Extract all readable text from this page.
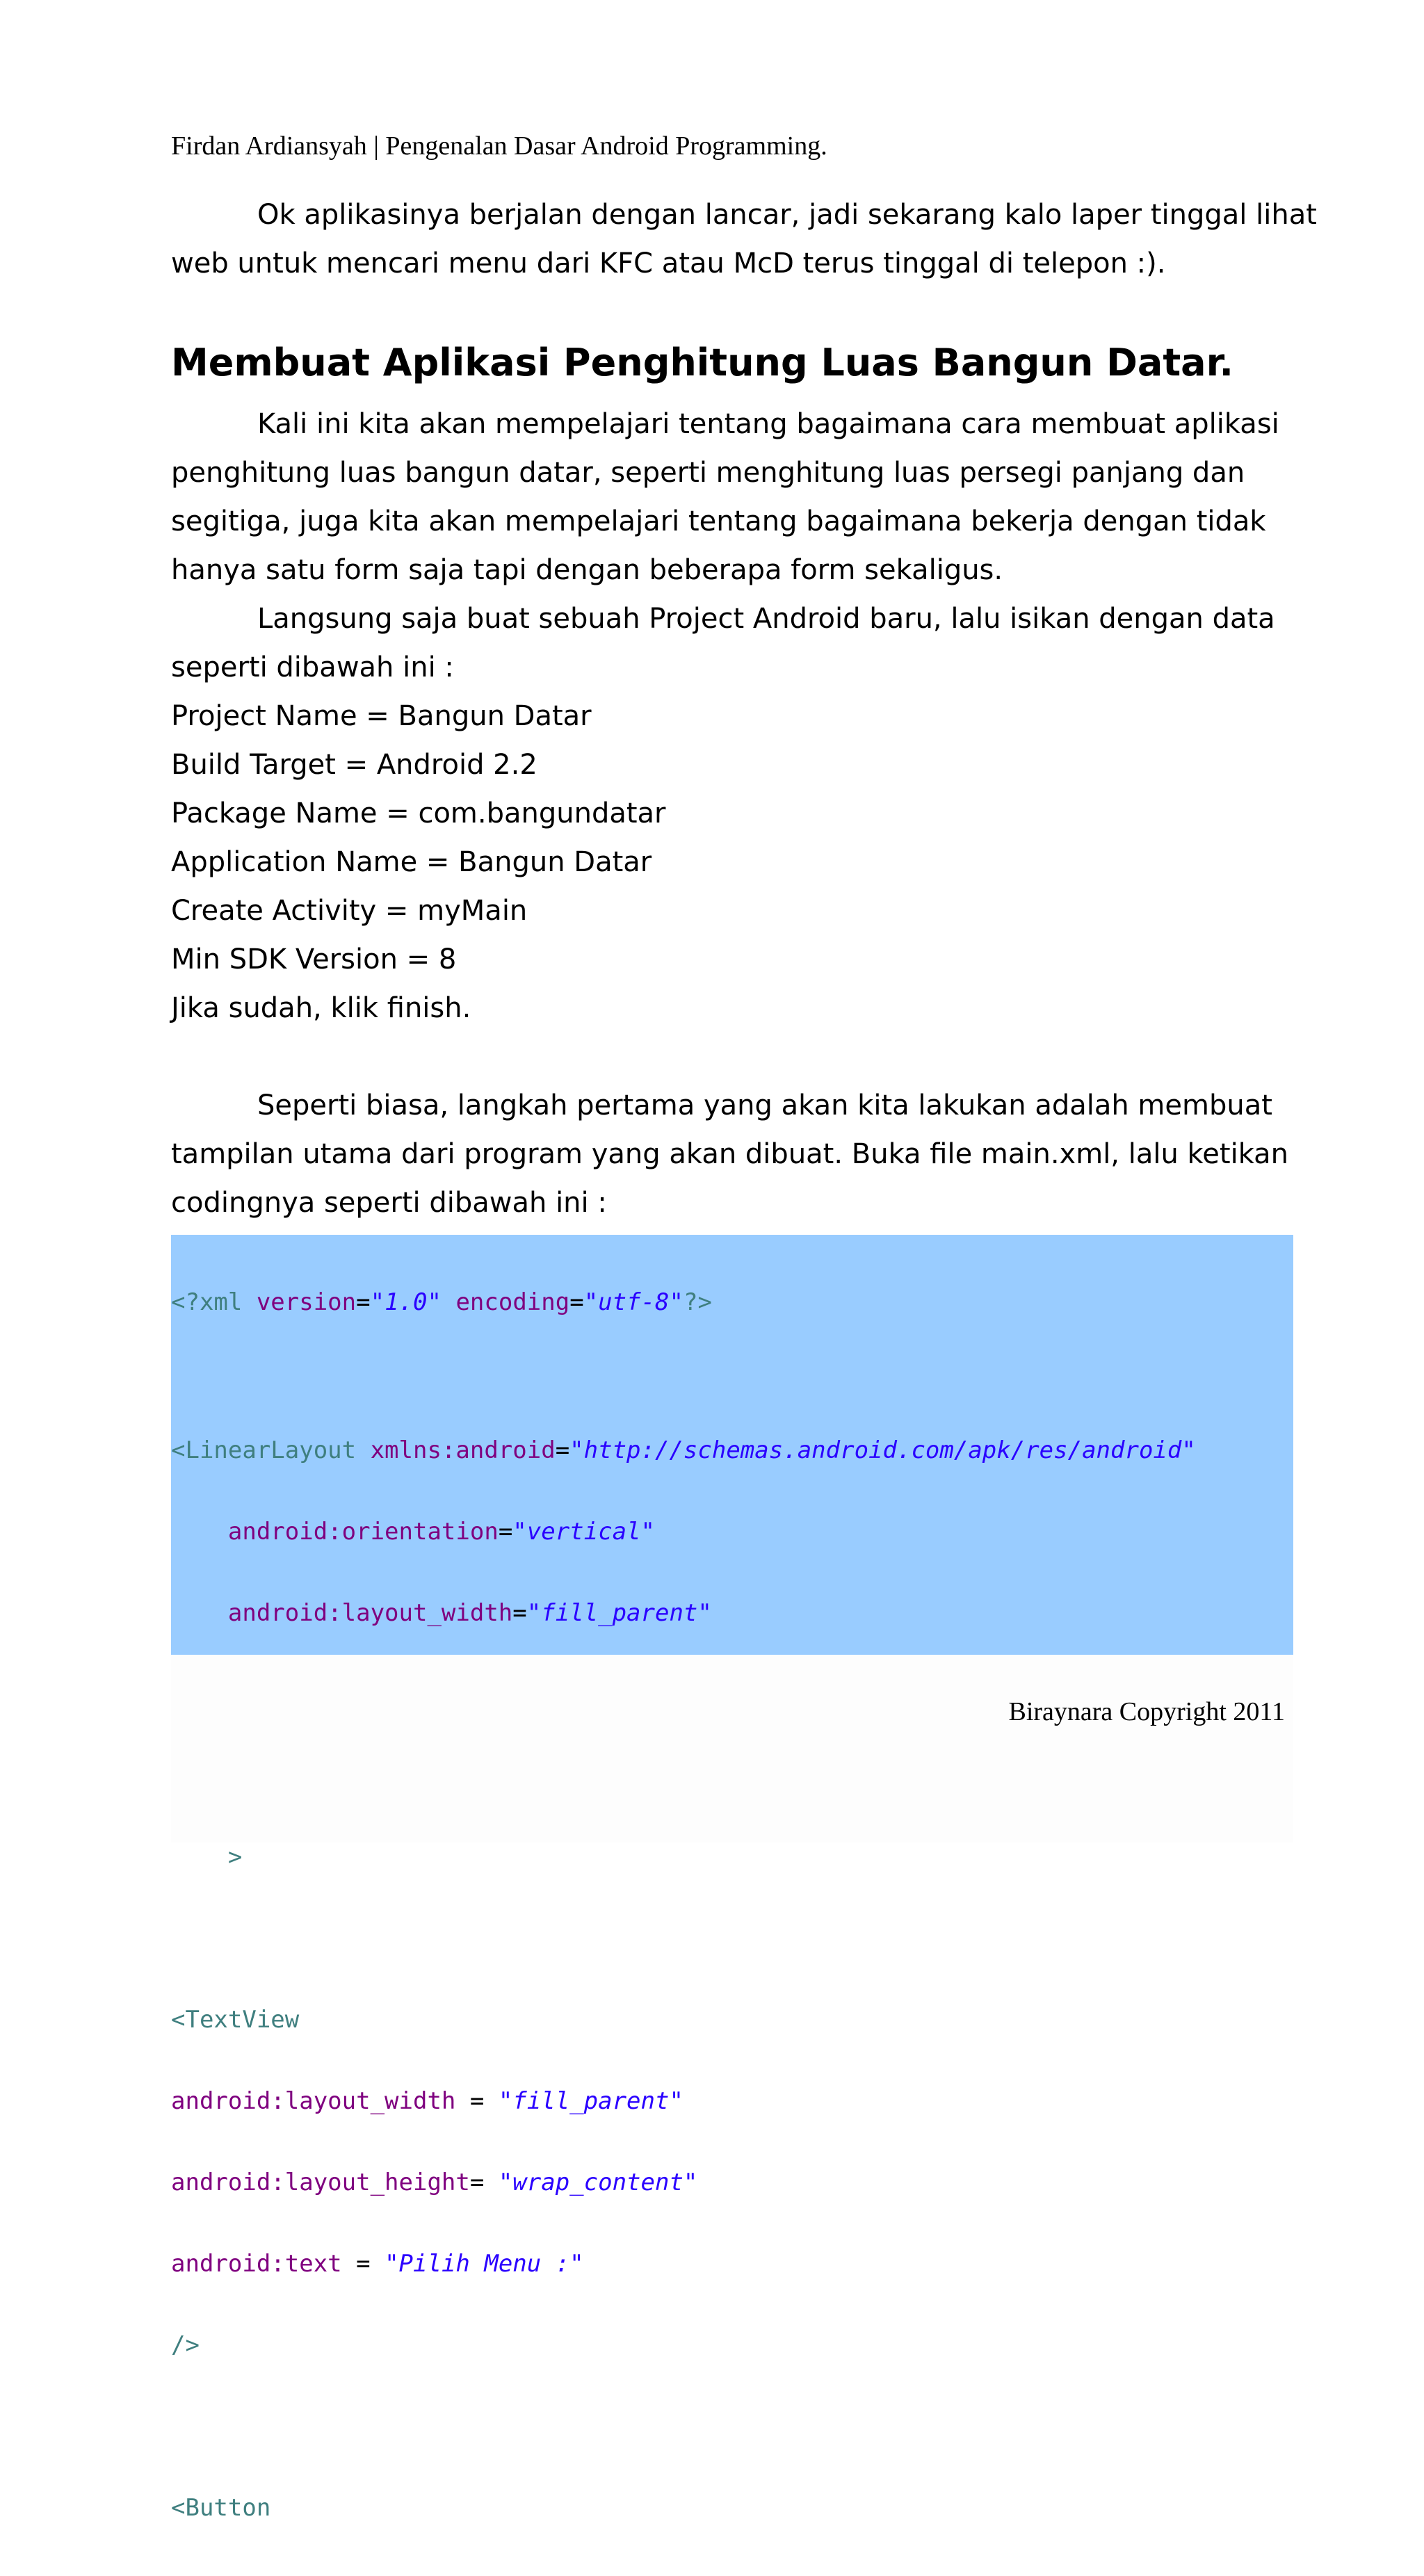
Firdan Ardiansyah | Pengenalan Dasar Android Programming.
Ok aplikasinya berjalan dengan lancar, jadi sekarang kalo laper tinggal lihat
web untuk mencari menu dari KFC atau McD terus tinggal di telepon :).
Membuat Aplikasi Penghitung Luas Bangun Datar.
Kali ini kita akan mempelajari tentang bagaimana cara membuat aplikasi
penghitung luas bangun datar, seperti menghitung luas persegi panjang dan
segitiga, juga kita akan mempelajari tentang bagaimana bekerja dengan tidak
hanya satu form saja tapi dengan beberapa form sekaligus.
Langsung saja buat sebuah Project Android baru, lalu isikan dengan data
seperti dibawah ini :
Project Name = Bangun Datar
Build Target = Android 2.2
Package Name = com.bangundatar
Application Name = Bangun Datar
Create Activity = myMain
Min SDK Version = 8
Jika sudah, klik finish.
Seperti biasa, langkah pertama yang akan kita lakukan adalah membuat
tampilan utama dari program yang akan dibuat. Buka file main.xml, lalu ketikan
codingnya seperti dibawah ini :

<?xml version="1.0" encoding="utf-8"?>

<LinearLayout xmlns:android="http://schemas.android.com/apk/res/android"

android:orientation="vertical"

android:layout_width="fill_parent"

>

<TextView

android:layout_width = "fill_parent"

android:layout_height= "wrap_content"

android:text = "Pilih Menu :"

/>

<Button

Biraynara Copyright 2011
